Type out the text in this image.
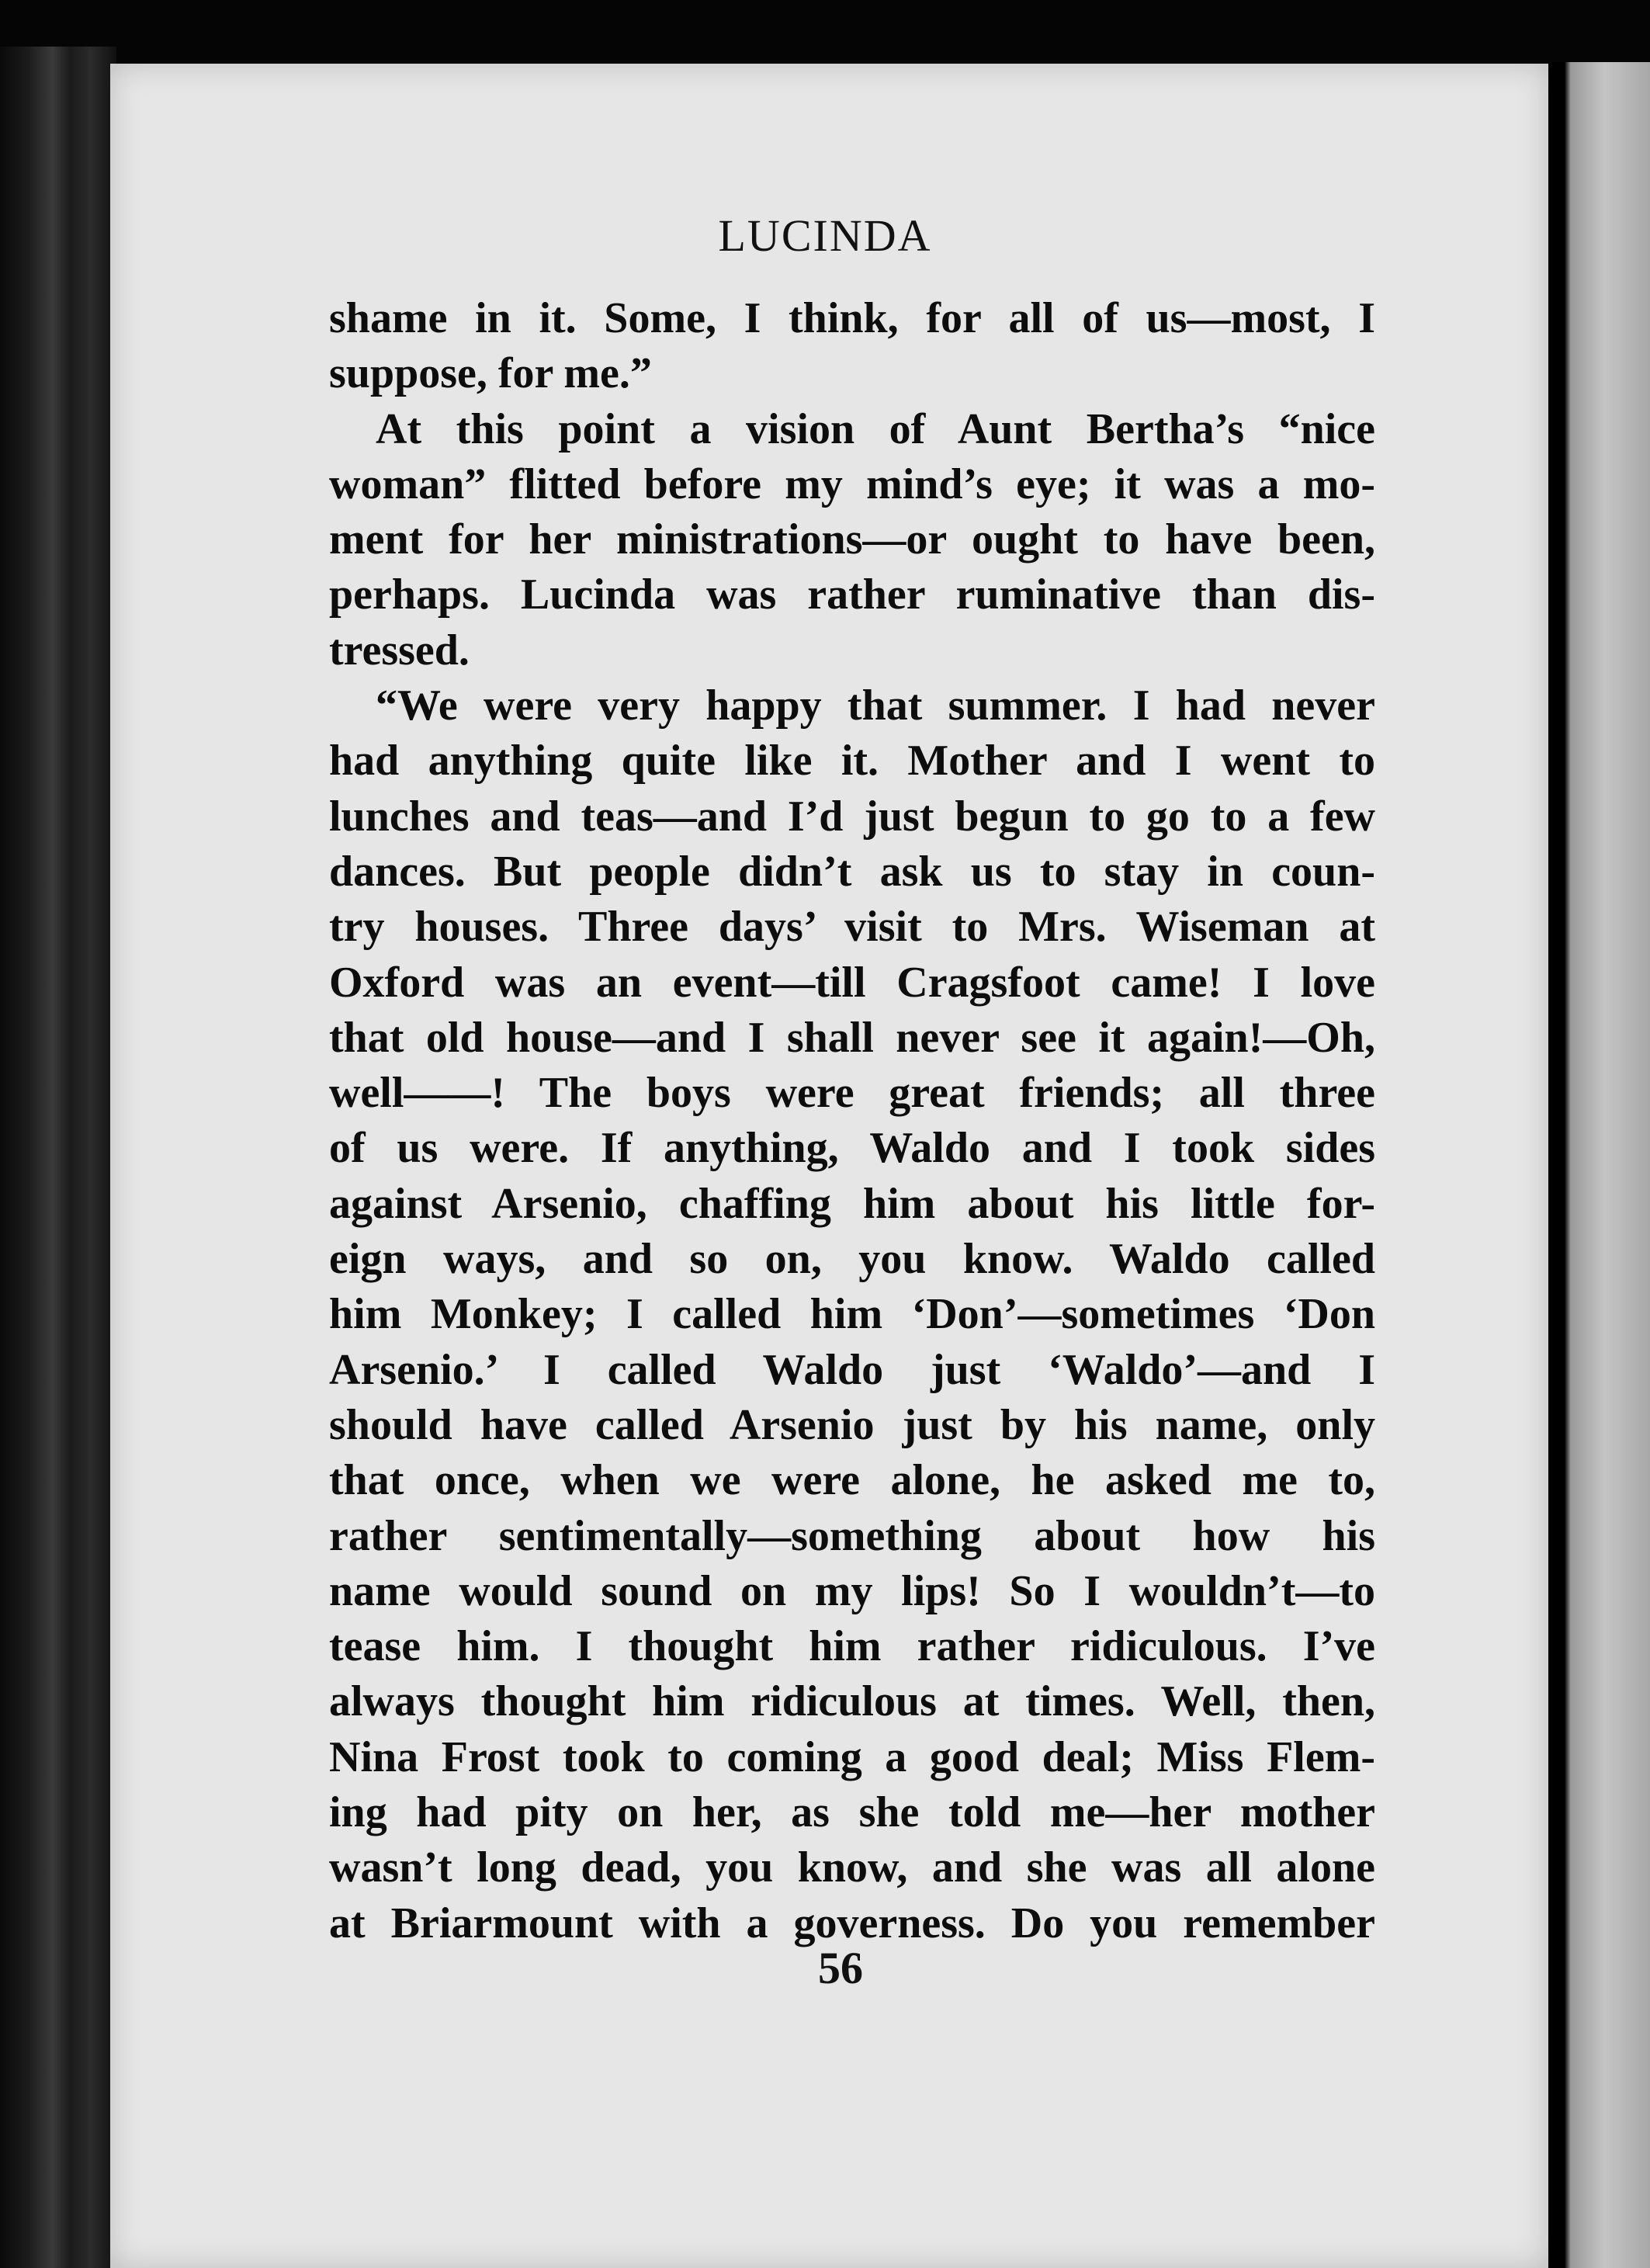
LUCINDA
shame in it. Some, I think, for all of us—most, I
suppose, for me.”
At this point a vision of Aunt Bertha’s “nice
woman” flitted before my mind’s eye; it was a mo-
ment for her ministrations—or ought to have been,
perhaps. Lucinda was rather ruminative than dis-
tressed.
“We were very happy that summer. I had never
had anything quite like it. Mother and I went to
lunches and teas—and I’d just begun to go to a few
dances. But people didn’t ask us to stay in coun-
try houses. Three days’ visit to Mrs. Wiseman at
Oxford was an event—till Cragsfoot came! I love
that old house—and I shall never see it again!—Oh,
well——! The boys were great friends; all three
of us were. If anything, Waldo and I took sides
against Arsenio, chaffing him about his little for-
eign ways, and so on, you know. Waldo called
him Monkey; I called him ‘Don’—sometimes ‘Don
Arsenio.’ I called Waldo just ‘Waldo’—and I
should have called Arsenio just by his name, only
that once, when we were alone, he asked me to,
rather sentimentally—something about how his
name would sound on my lips! So I wouldn’t—to
tease him. I thought him rather ridiculous. I’ve
always thought him ridiculous at times. Well, then,
Nina Frost took to coming a good deal; Miss Flem-
ing had pity on her, as she told me—her mother
wasn’t long dead, you know, and she was all alone
at Briarmount with a governess. Do you remember
56
